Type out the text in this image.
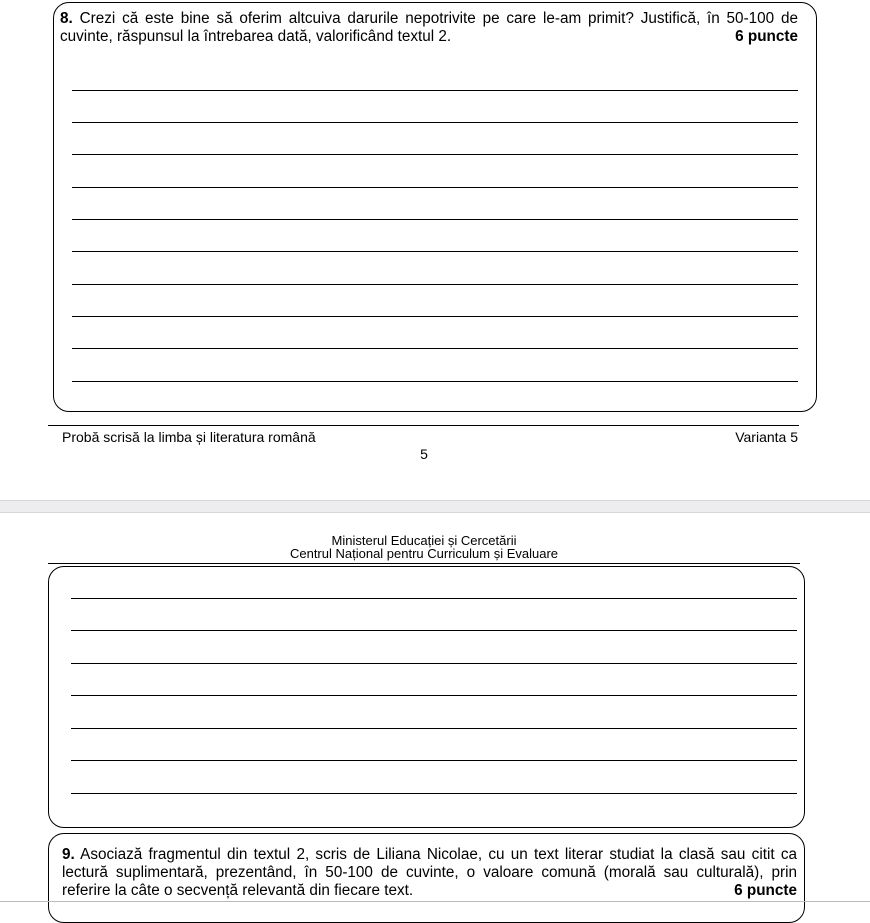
8. Crezi că este bine să oferim altcuiva darurile nepotrivite pe care le-am primit? Justifică, în 50-100 de cuvinte, răspunsul la întrebarea dată, valorificând textul 2.	6 puncte
Probă scrisă la limba și literatura română	Varianta 5
5
Ministerul Educației și Cercetării
Centrul Național pentru Curriculum și Evaluare
9. Asociază fragmentul din textul 2, scris de Liliana Nicolae, cu un text literar studiat la clasă sau citit ca lectură suplimentară, prezentând, în 50-100 de cuvinte, o valoare comună (morală sau culturală), prin referire la câte o secvență relevantă din fiecare text.	6 puncte
